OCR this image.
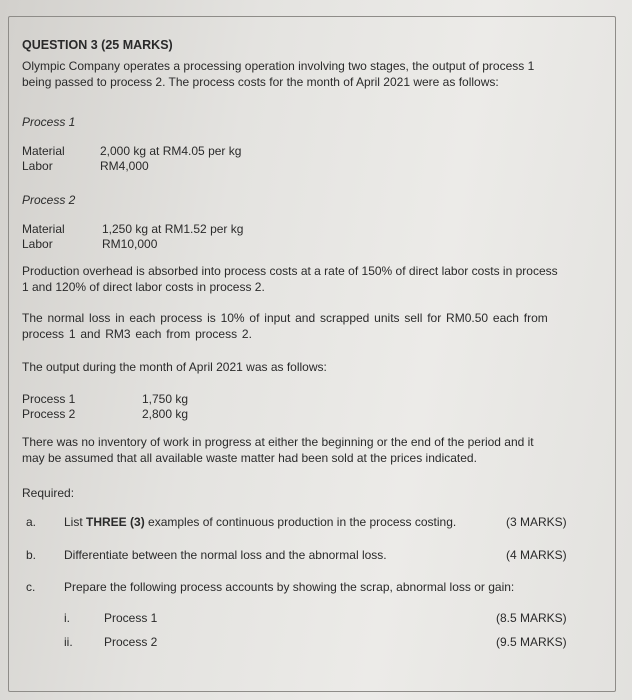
QUESTION 3 (25 MARKS)
Olympic Company operates a processing operation involving two stages, the output of process 1
being passed to process 2. The process costs for the month of April 2021 were as follows:
Process 1
Material	2,000 kg at RM4.05 per kg
Labor	RM4,000
Process 2
Material	1,250 kg at RM1.52 per kg
Labor	RM10,000
Production overhead is absorbed into process costs at a rate of 150% of direct labor costs in process
1 and 120% of direct labor costs in process 2.
The normal loss in each process is 10% of input and scrapped units sell for RM0.50 each from
process 1 and RM3 each from process 2.
The output during the month of April 2021 was as follows:
Process 1	1,750 kg
Process 2	2,800 kg
There was no inventory of work in progress at either the beginning or the end of the period and it
may be assumed that all available waste matter had been sold at the prices indicated.
Required:
a. List THREE (3) examples of continuous production in the process costing.	(3 MARKS)
b. Differentiate between the normal loss and the abnormal loss.	(4 MARKS)
c. Prepare the following process accounts by showing the scrap, abnormal loss or gain:
i.	Process 1	(8.5 MARKS)
ii.	Process 2	(9.5 MARKS)
